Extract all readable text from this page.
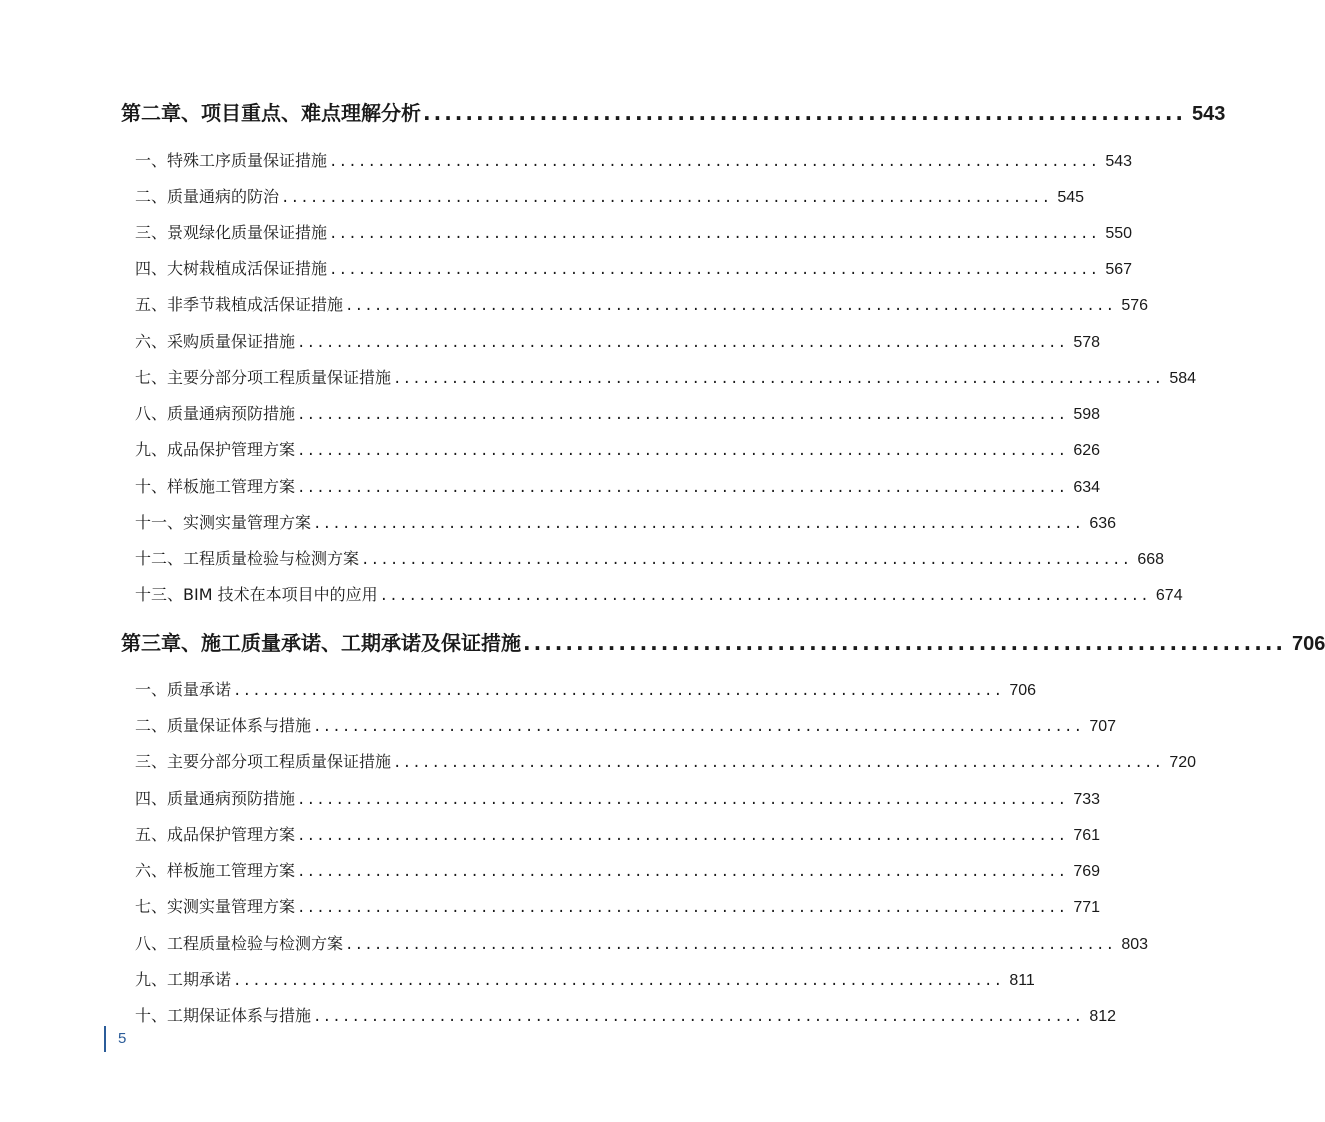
第二章、项目重点、难点理解分析 ........................................................................ 543
一、特殊工序质量保证措施 ................................................................................ 543
二、质量通病的防治 ................................................................................ 545
三、景观绿化质量保证措施 ................................................................................ 550
四、大树栽植成活保证措施 ................................................................................ 567
五、非季节栽植成活保证措施 ................................................................................ 576
六、采购质量保证措施 ................................................................................ 578
七、主要分部分项工程质量保证措施 ................................................................................ 584
八、质量通病预防措施 ................................................................................ 598
九、成品保护管理方案 ................................................................................ 626
十、样板施工管理方案 ................................................................................ 634
十一、实测实量管理方案 ................................................................................ 636
十二、工程质量检验与检测方案 ................................................................................ 668
十三、BIM 技术在本项目中的应用 ................................................................................ 674
第三章、施工质量承诺、工期承诺及保证措施 ........................................................................ 706
一、质量承诺 ................................................................................ 706
二、质量保证体系与措施 ................................................................................ 707
三、主要分部分项工程质量保证措施 ................................................................................ 720
四、质量通病预防措施 ................................................................................ 733
五、成品保护管理方案 ................................................................................ 761
六、样板施工管理方案 ................................................................................ 769
七、实测实量管理方案 ................................................................................ 771
八、工程质量检验与检测方案 ................................................................................ 803
九、工期承诺 ................................................................................ 811
十、工期保证体系与措施 ................................................................................ 812
5
